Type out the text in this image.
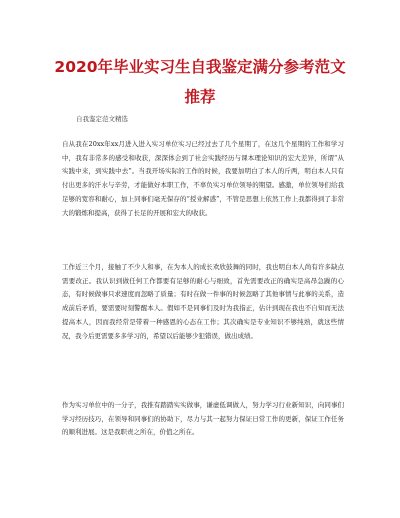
2020年毕业实习生自我鉴定满分参考范文
推荐
自我鉴定范文精选

自从我在20xx年xx月进入进入实习单位实习已经过去了几个星期了，在这几个星期的工作和学习中，我有非常多的感受和收获，深深体会到了社会实践经历与课本理论知识的宏大差异，所谓“从实践中来，到实践中去”。当我开场实际的工作的时候，我要加明白了本人的斤两，明白本人只有付出更多的汗水与辛劳，才能做好本职工作，不辜负实习单位领导的期望。感激，单位领导们给我足够的宽容和耐心，加上同事们毫无保存的“授业解惑”，不管是思想上依然工作上我都得到了非常大的锻炼和提高，获得了长足的开展和宏大的收获。

工作近三个月，接触了不少人和事，在为本人的成长欢欣鼓舞的同时，我也明白本人尚有许多缺点需要改正。我认识到做任何工作都要有足够的耐心与细致，首先需要改正的确实是高昂急躁的心态，有时候做事只求速度而忽略了质量；有时在做一件事的时候忽略了其他事情与此事的关系，造成前后矛盾，要需要时刻警醒本人。假如不是同事们及时为我指正，估计到现在我也不自知而无法提高本人，因而我经常是带着一种感恩的心态在工作；其次确实是专业知识不够纯熟，就这些情况，我今后更需要多多学习的，希望以后能够少犯错误，做出成绩。

作为实习单位中的一分子，我推有踏踏实实做事，谦虚低调做人，努力学习行业新知识，向同事们学习经历技巧，在领导和同事们的协助下，尽力与其一起努力保证日常工作的更新，保证工作任务的顺利进展。这是我职责之所在，价值之所在。
